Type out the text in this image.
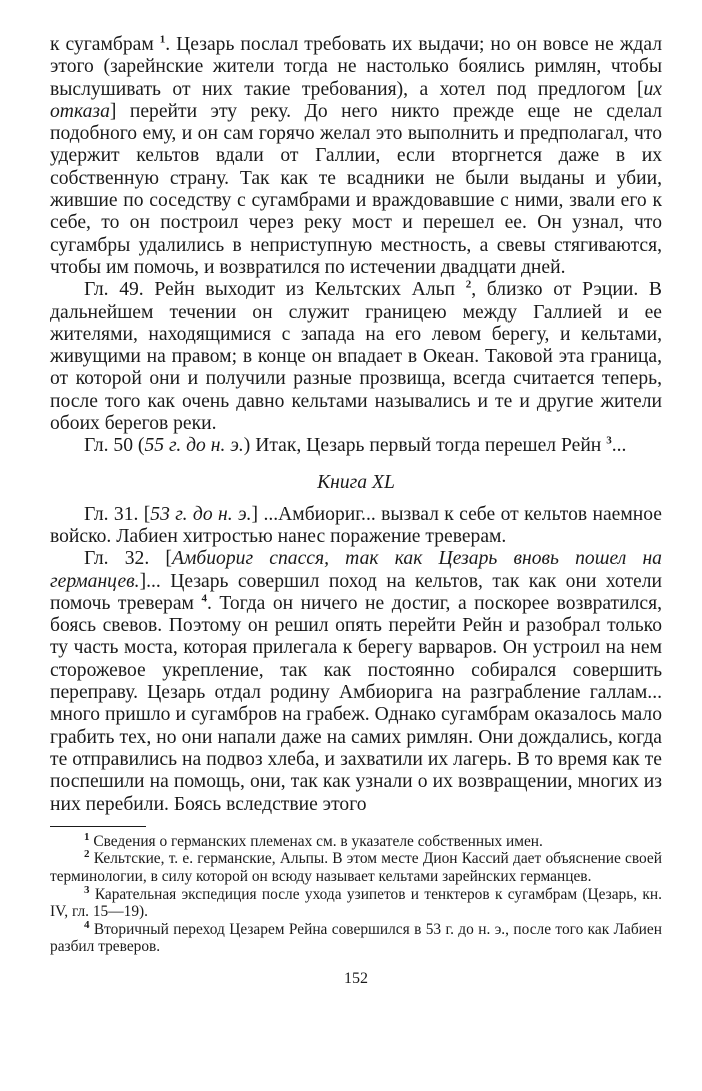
к сугамбрам $^1$. Цезарь послал требовать их выдачи; но он вовсе не ждал этого (зарейнские жители тогда не настолько боялись римлян, чтобы выслушивать от них такие требования), а хотел под предлогом [их отказа] перейти эту реку. До него никто прежде еще не сделал подобного ему, и он сам горячо желал это выполнить и предполагал, что удержит кельтов вдали от Галлии, если вторгнется даже в их собственную страну. Так как те всадники не были выданы и убии, жившие по соседству с сугамбрами и враждовавшие с ними, звали его к себе, то он построил через реку мост и перешел ее. Он узнал, что сугамбры удалились в неприступную местность, а свевы стягиваются, чтобы им помочь, и возвратился по истечении двадцати дней.

Гл. 49. Рейн выходит из Кельтских Альп $^2$, близко от Рэции. В дальнейшем течении он служит границею между Галлией и ее жителями, находящимися с запада на его левом берегу, и кельтами, живущими на правом; в конце он впадает в Океан. Таковой эта граница, от которой они и получили разные прозвища, всегда считается теперь, после того как очень давно кельтами назывались и те и другие жители обоих берегов реки.

Гл. 50 (55 г. до н. э.) Итак, Цезарь первый тогда перешел Рейн $^3$...

Книга XL

Гл. 31. [53 г. до н. э.] ...Амбиориг... вызвал к себе от кельтов наемное войско. Лабиен хитростью нанес поражение треверам.

Гл. 32. [Амбиориг спасся, так как Цезарь вновь пошел на германцев.]... Цезарь совершил поход на кельтов, так как они хотели помочь треверам $^4$. Тогда он ничего не достиг, а поскорее возвратился, боясь свевов. Поэтому он решил опять перейти Рейн и разобрал только ту часть моста, которая прилегала к берегу варваров. Он устроил на нем сторожевое укрепление, так как постоянно собирался совершить переправу. Цезарь отдал родину Амбиорига на разграбление галлам... много пришло и сугамбров на грабеж. Однако сугамбрам оказалось мало грабить тех, но они напали даже на самих римлян. Они дождались, когда те отправились на подвоз хлеба, и захватили их лагерь. В то время как те поспешили на помощь, они, так как узнали о их возвращении, многих из них перебили. Боясь вследствие этого

$^1$ Сведения о германских племенах см. в указателе собственных имен.

$^2$ Кельтские, т. е. германские, Альпы. В этом месте Дион Кассий дает объяснение своей терминологии, в силу которой он всюду называет кельтами зарейнских германцев.

$^3$ Карательная экспедиция после ухода узипетов и тенктеров к сугамбрам (Цезарь, кн. IV, гл. 15—19).

$^4$ Вторичный переход Цезарем Рейна совершился в 53 г. до н. э., после того как Лабиен разбил треверов.

152
